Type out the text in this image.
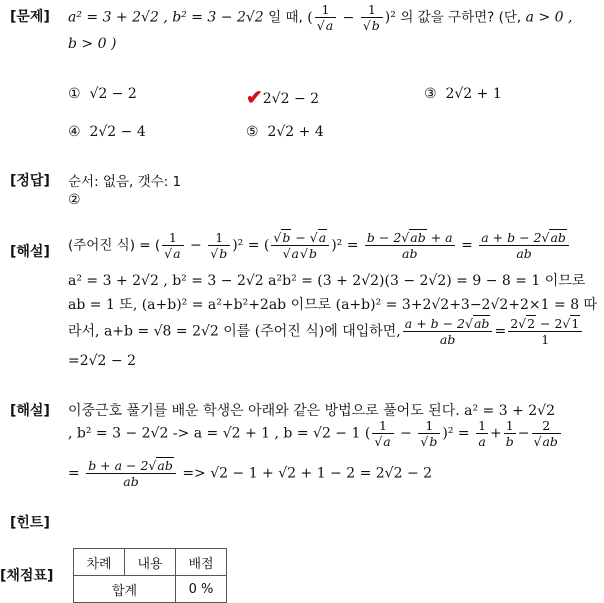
[문제]
[정답]
[해설]
[해설]
[힌트]
[채점표]
a² = 3 + 2√2 , b² = 3 − 2√2 일 때, ( $\frac{1}{√a} - \frac{1}{√b} )^2$ 의 값을 구하면? (단, a > 0 ,
b > 0 )
① √2 − 2	✔2√2 − 2	③ 2√2 + 1
④ 2√2 − 4	⑤ 2√2 + 4
순서: 없음, 갯수: 1
②
(주어진 식) = ( $\frac{1}{√a} - \frac{1}{√b} )^2$ = ( $\frac{√b - √a}{√a√b} )^2 = \frac{b - 2√ab + a}{ab} = \frac{a + b - 2√ab}{ab}$
a² = 3 + 2√2 , b² = 3 − 2√2 a²b² = (3 + 2√2)(3 − 2√2) = 9 − 8 = 1 이므로
ab = 1 또, (a+b)² = a²+b²+2ab 이므로 (a+b)² = 3+2√2+3−2√2+2×1 = 8 따
라서, a+b = √8 = 2√2 이를 (주어진 식)에 대입하면, $\frac{a + b - 2√ab}{ab} = \frac{2√2 - 2√1}{1}$
=2√2 − 2
이중근호 풀기를 배운 학생은 아래와 같은 방법으로 풀어도 된다. a² = 3 + 2√2
, b² = 3 − 2√2 -> a = √2 + 1 , b = √2 − 1 ( $\frac{1}{√a} - \frac{1}{√b} )^2 = \frac{1}{a} + \frac{1}{b} - \frac{2}{√ab}$
= $\frac{b + a - 2√ab}{ab} => √2 - 1 + √2 + 1 - 2 = 2√2 - 2$
차례	내용	배점
합계		0 %
